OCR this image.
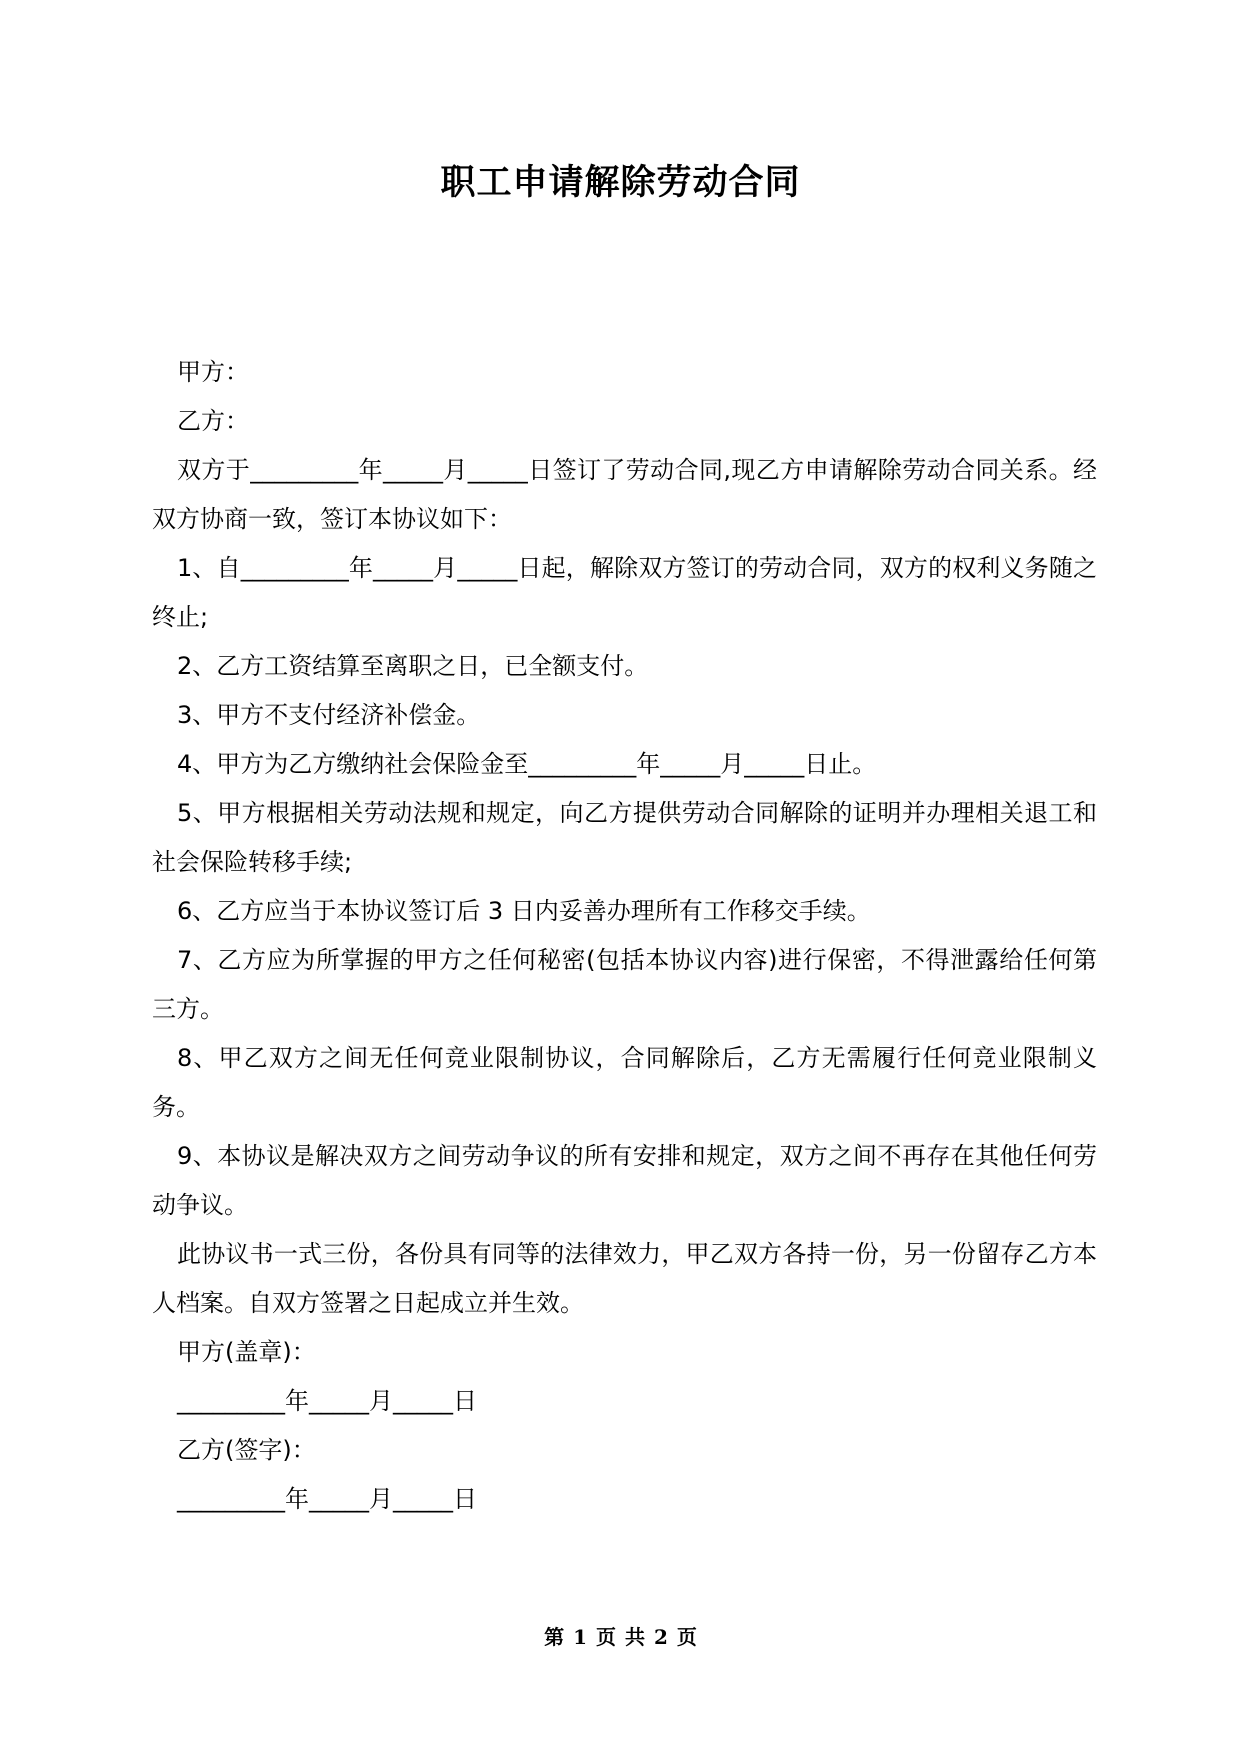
职工申请解除劳动合同

甲方：

乙方：

双方于_________年_____月_____日签订了劳动合同,现乙方申请解除劳动合同关系。经双方协商一致，签订本协议如下：

1、自_________年_____月_____日起，解除双方签订的劳动合同，双方的权利义务随之终止;

2、乙方工资结算至离职之日，已全额支付。

3、甲方不支付经济补偿金。

4、甲方为乙方缴纳社会保险金至_________年_____月_____日止。

5、甲方根据相关劳动法规和规定，向乙方提供劳动合同解除的证明并办理相关退工和社会保险转移手续;

6、乙方应当于本协议签订后 3 日内妥善办理所有工作移交手续。

7、乙方应为所掌握的甲方之任何秘密(包括本协议内容)进行保密，不得泄露给任何第三方。

8、甲乙双方之间无任何竞业限制协议，合同解除后，乙方无需履行任何竞业限制义务。

9、本协议是解决双方之间劳动争议的所有安排和规定，双方之间不再存在其他任何劳动争议。

此协议书一式三份，各份具有同等的法律效力，甲乙双方各持一份，另一份留存乙方本人档案。自双方签署之日起成立并生效。

甲方(盖章)：

_________年_____月_____日

乙方(签字)：

_________年_____月_____日

第 1 页 共 2 页
